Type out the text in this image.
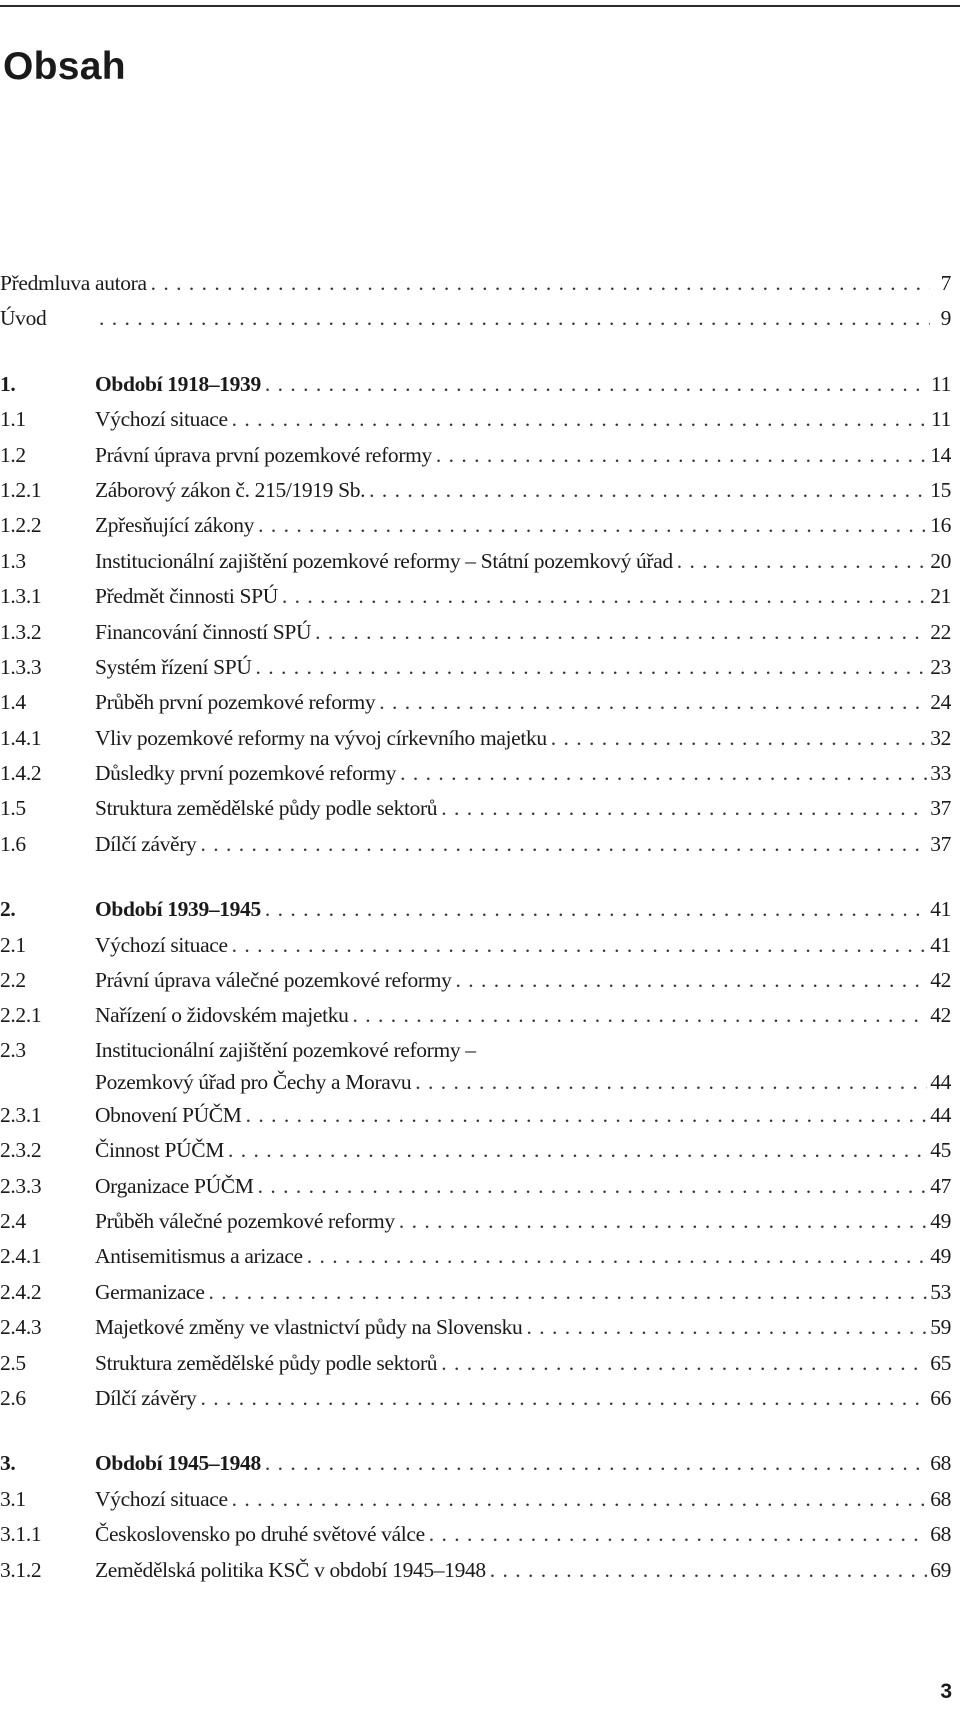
Obsah
Předmluva autora . . .	7
Úvod . . .	9
1.	Období 1918–1939 . . .	11
1.1	Výchozí situace . . .	11
1.2	Právní úprava první pozemkové reformy . . .	14
1.2.1	Záborový zákon č. 215/1919 Sb. . . .	15
1.2.2	Zpřesňující zákony . . .	16
1.3	Institucionální zajištění pozemkové reformy – Státní pozemkový úřad . . .	20
1.3.1	Předmět činnosti SPÚ . . .	21
1.3.2	Financování činností SPÚ . . .	22
1.3.3	Systém řízení SPÚ . . .	23
1.4	Průběh první pozemkové reformy . . .	24
1.4.1	Vliv pozemkové reformy na vývoj církevního majetku . . .	32
1.4.2	Důsledky první pozemkové reformy . . .	33
1.5	Struktura zemědělské půdy podle sektorů . . .	37
1.6	Dílčí závěry . . .	37
2.	Období 1939–1945 . . .	41
2.1	Výchozí situace . . .	41
2.2	Právní úprava válečné pozemkové reformy . . .	42
2.2.1	Nařízení o židovském majetku . . .	42
2.3	Institucionální zajištění pozemkové reformy –
Pozemkový úřad pro Čechy a Moravu . . .	44
2.3.1	Obnovení PÚČM . . .	44
2.3.2	Činnost PÚČM . . .	45
2.3.3	Organizace PÚČM . . .	47
2.4	Průběh válečné pozemkové reformy . . .	49
2.4.1	Antisemitismus a arizace . . .	49
2.4.2	Germanizace . . .	53
2.4.3	Majetkové změny ve vlastnictví půdy na Slovensku . . .	59
2.5	Struktura zemědělské půdy podle sektorů . . .	65
2.6	Dílčí závěry . . .	66
3.	Období 1945–1948 . . .	68
3.1	Výchozí situace . . .	68
3.1.1	Československo po druhé světové válce . . .	68
3.1.2	Zemědělská politika KSČ v období 1945–1948 . . .	69
3
